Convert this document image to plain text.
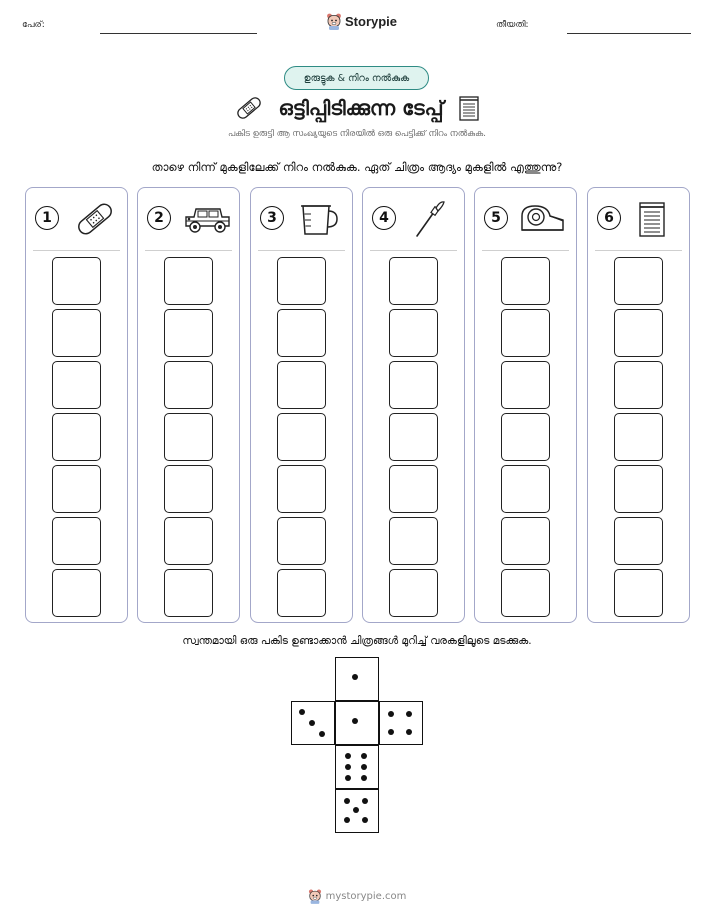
പേര്:	Storypie	തീയതി:
ഉരുട്ടുക & നിറം നൽകുക
ഒട്ടിപ്പിടിക്കുന്ന ടേപ്പ്
പകിട ഉരുട്ടി ആ സംഖ്യയുടെ നിരയിൽ ഒരു പെട്ടിക്ക് നിറം നൽകുക.
താഴെ നിന്ന് മുകളിലേക്ക് നിറം നൽകുക. ഏത് ചിത്രം ആദ്യം മുകളിൽ എത്തുന്നു?
1	2	3	4	5	6
സ്വന്തമായി ഒരു പകിട ഉണ്ടാക്കാൻ ചിത്രങ്ങൾ മുറിച്ച് വരകളിലൂടെ മടക്കുക.
mystorypie.com
